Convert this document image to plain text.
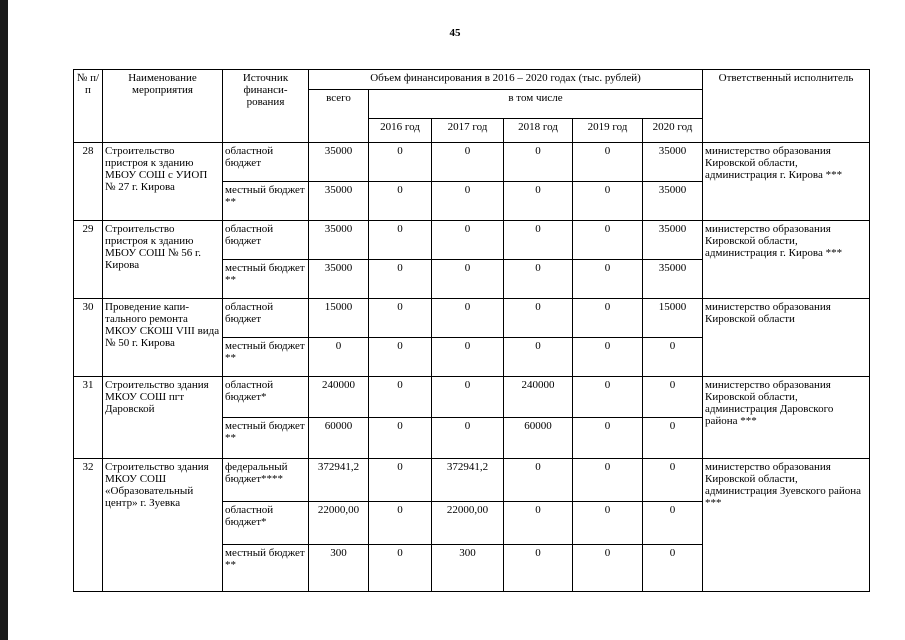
45
№ п/п	Наименование мероприятия	Источник финанси-рования	Объем финансирования в 2016 – 2020 годах (тыс. рублей)						Ответственный исполнитель
			всего	в том числе					
				2016 год	2017 год	2018 год	2019 год	2020 год	
28	Строительство пристроя к зданию МБОУ СОШ с УИОП № 27 г. Кирова	областной бюджет	35000	0	0	0	0	35000	министерство образования Кировской области, администрация г. Кирова ***
		местный бюджет **	35000	0	0	0	0	35000	
29	Строительство пристроя к зданию МБОУ СОШ № 56 г. Кирова	областной бюджет	35000	0	0	0	0	35000	министерство образования Кировской области, администрация г. Кирова ***
		местный бюджет **	35000	0	0	0	0	35000	
30	Проведение капи-тального ремонта МКОУ СКОШ VIII вида № 50 г. Кирова	областной бюджет	15000	0	0	0	0	15000	министерство образования Кировской области
		местный бюджет **	0	0	0	0	0	0	
31	Строительство здания МКОУ СОШ пгт Даровской	областной бюджет*	240000	0	0	240000	0	0	министерство образования Кировской области, администрация Даровского района ***
		местный бюджет **	60000	0	0	60000	0	0	
32	Строительство здания МКОУ СОШ «Образовательный центр» г. Зуевка	федеральный бюджет****	372941,2	0	372941,2	0	0	0	министерство образования Кировской области, администрация Зуевского района ***
		областной бюджет*	22000,00	0	22000,00	0	0	0	
		местный бюджет **	300	0	300	0	0	0	
